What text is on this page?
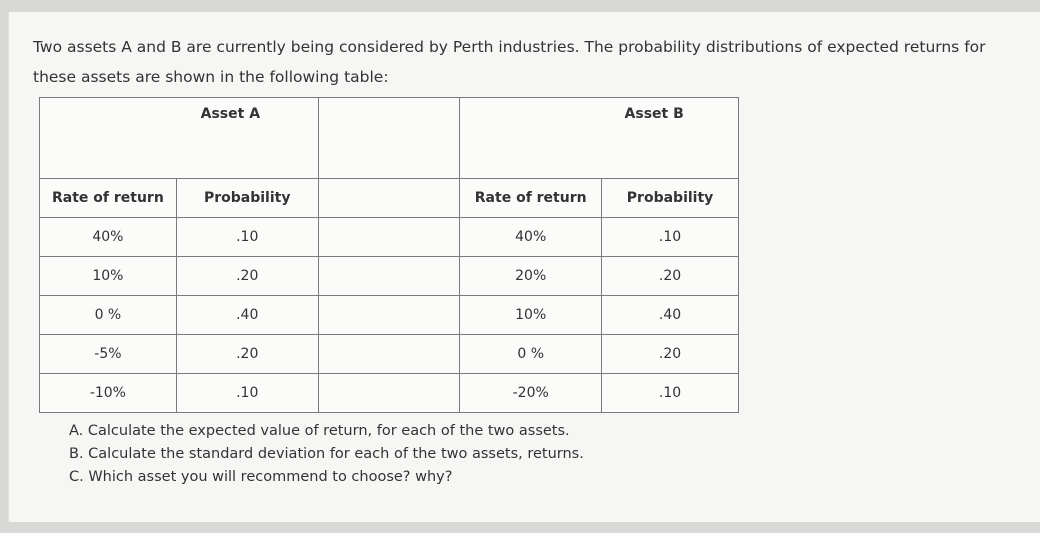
Two assets A and B are currently being considered by Perth industries. The probability distributions of expected returns for these assets are shown in the following table:

Asset A			Asset B	

Rate of return	Probability		Rate of return	Probability
40%	.10		40%	.10
10%	.20		20%	.20
0 %	.40		10%	.40
-5%	.20		0 %	.20
-10%	.10		-20%	.10
A. Calculate the expected value of return, for each of the two assets.
B. Calculate the standard deviation for each of the two assets, returns.
C. Which asset you will recommend to choose? why?
